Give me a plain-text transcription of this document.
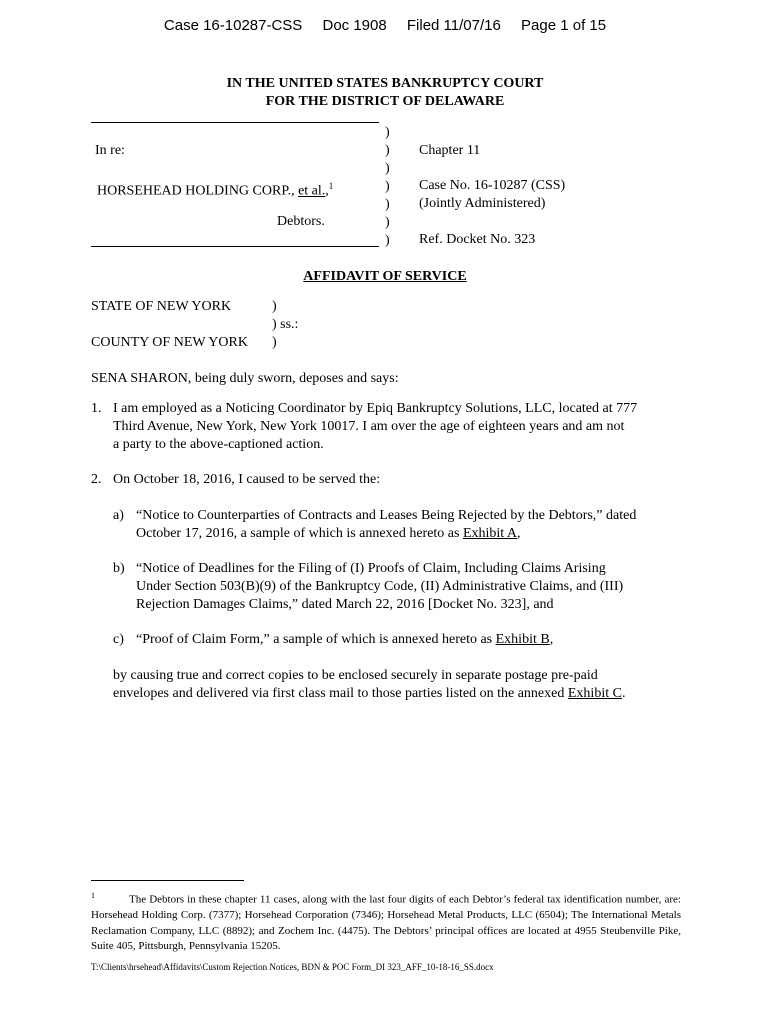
Case 16-10287-CSS Doc 1908 Filed 11/07/16 Page 1 of 15
IN THE UNITED STATES BANKRUPTCY COURT
FOR THE DISTRICT OF DELAWARE
In re:
HORSEHEAD HOLDING CORP., et al.,$^1$
Debtors.
)
)
)
)
)
)
)
Chapter 11
Case No. 16-10287 (CSS)
(Jointly Administered)
Ref. Docket No. 323
AFFIDAVIT OF SERVICE
STATE OF NEW YORK	)
) ss.:
COUNTY OF NEW YORK )
SENA SHARON, being duly sworn, deposes and says:
1. I am employed as a Noticing Coordinator by Epiq Bankruptcy Solutions, LLC, located at 777
Third Avenue, New York, New York 10017. I am over the age of eighteen years and am not
a party to the above-captioned action.
2. On October 18, 2016, I caused to be served the:
a) “Notice to Counterparties of Contracts and Leases Being Rejected by the Debtors,” dated
October 17, 2016, a sample of which is annexed hereto as Exhibit A,
b) “Notice of Deadlines for the Filing of (I) Proofs of Claim, Including Claims Arising
Under Section 503(B)(9) of the Bankruptcy Code, (II) Administrative Claims, and (III)
Rejection Damages Claims,” dated March 22, 2016 [Docket No. 323], and
c) “Proof of Claim Form,” a sample of which is annexed hereto as Exhibit B,
by causing true and correct copies to be enclosed securely in separate postage pre-paid
envelopes and delivered via first class mail to those parties listed on the annexed Exhibit C.
$^1$	The Debtors in these chapter 11 cases, along with the last four digits of each Debtor’s federal tax identification number, are: Horsehead Holding Corp. (7377); Horsehead Corporation (7346); Horsehead Metal Products, LLC (6504); The International Metals Reclamation Company, LLC (8892); and Zochem Inc. (4475). The Debtors’ principal offices are located at 4955 Steubenville Pike, Suite 405, Pittsburgh, Pennsylvania 15205.
T:\Clients\hrsehead\Affidavits\Custom Rejection Notices, BDN & POC Form_DI 323_AFF_10-18-16_SS.docx
